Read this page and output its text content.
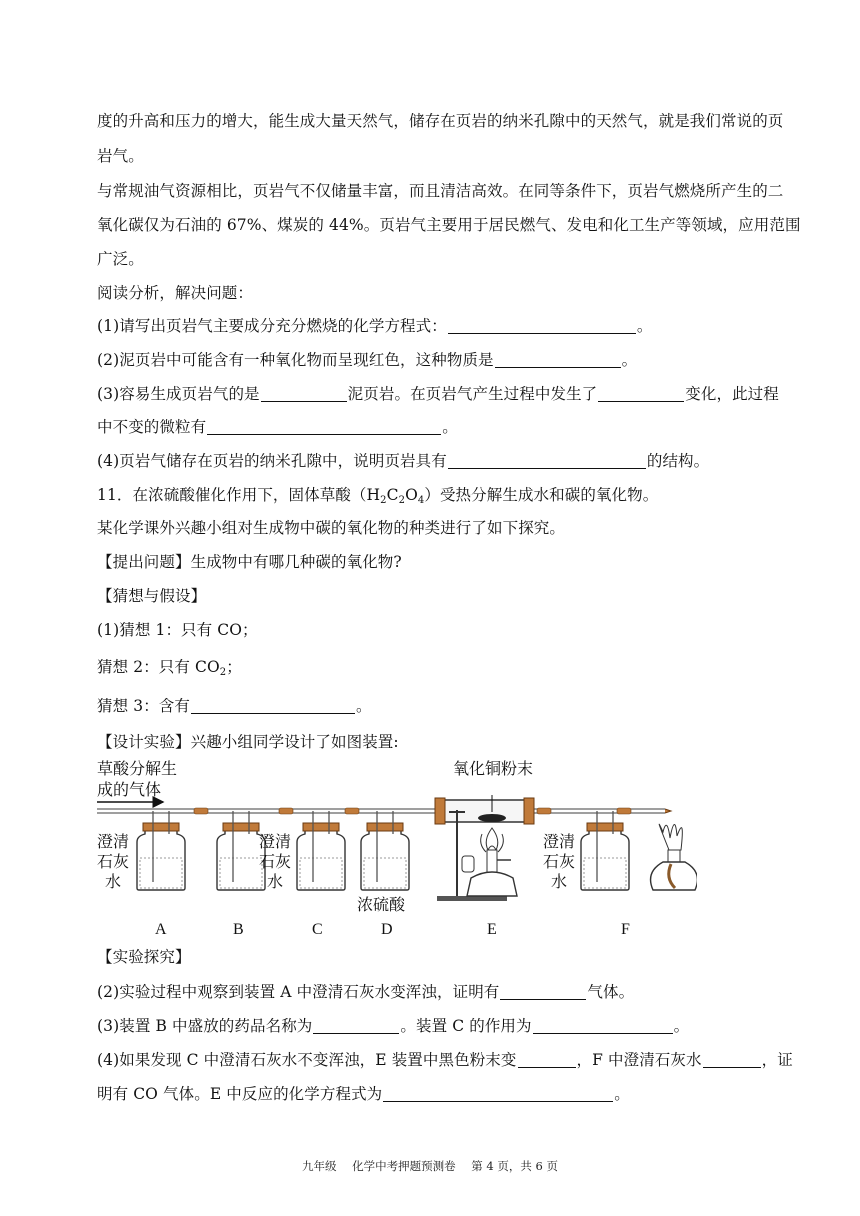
度的升高和压力的增大，能生成大量天然气，储存在页岩的纳米孔隙中的天然气，就是我们常说的页
岩气。
与常规油气资源相比，页岩气不仅储量丰富，而且清洁高效。在同等条件下，页岩气燃烧所产生的二
氧化碳仅为石油的 67%、煤炭的 44%。页岩气主要用于居民燃气、发电和化工生产等领域，应用范围
广泛。
阅读分析，解决问题：
(1)请写出页岩气主要成分充分燃烧的化学方程式：	。
(2)泥页岩中可能含有一种氧化物而呈现红色，这种物质是	。
(3)容易生成页岩气的是	泥页岩。在页岩气产生过程中发生了	变化，此过程
中不变的微粒有	。
(4)页岩气储存在页岩的纳米孔隙中，说明页岩具有	的结构。
11．在浓硫酸催化作用下，固体草酸$(H_2C_2O_4)$受热分解生成水和碳的氧化物。
某化学课外兴趣小组对生成物中碳的氧化物的种类进行了如下探究。
【提出问题】生成物中有哪几种碳的氧化物?
【猜想与假设】
(1)猜想 1：只有 CO；
猜想 2：只有 $CO_2$；
猜想 3：含有	。
【设计实验】兴趣小组同学设计了如图装置:
草酸分解生
成的气体
澄清
石灰
水
澄清
石灰
水
浓硫酸
氧化铜粉末
澄清
石灰
水
A	B	C	D	E	F
【实验探究】
(2)实验过程中观察到装置 A 中澄清石灰水变浑浊，证明有	气体。
(3)装置 B 中盛放的药品名称为	。装置 C 的作用为	。
(4)如果发现 C 中澄清石灰水不变浑浊，E 装置中黑色粉末变	，F 中澄清石灰水	，证
明有 CO 气体。E 中反应的化学方程式为	。
九年级 化学中考押题预测卷 第 4 页，共 6 页
